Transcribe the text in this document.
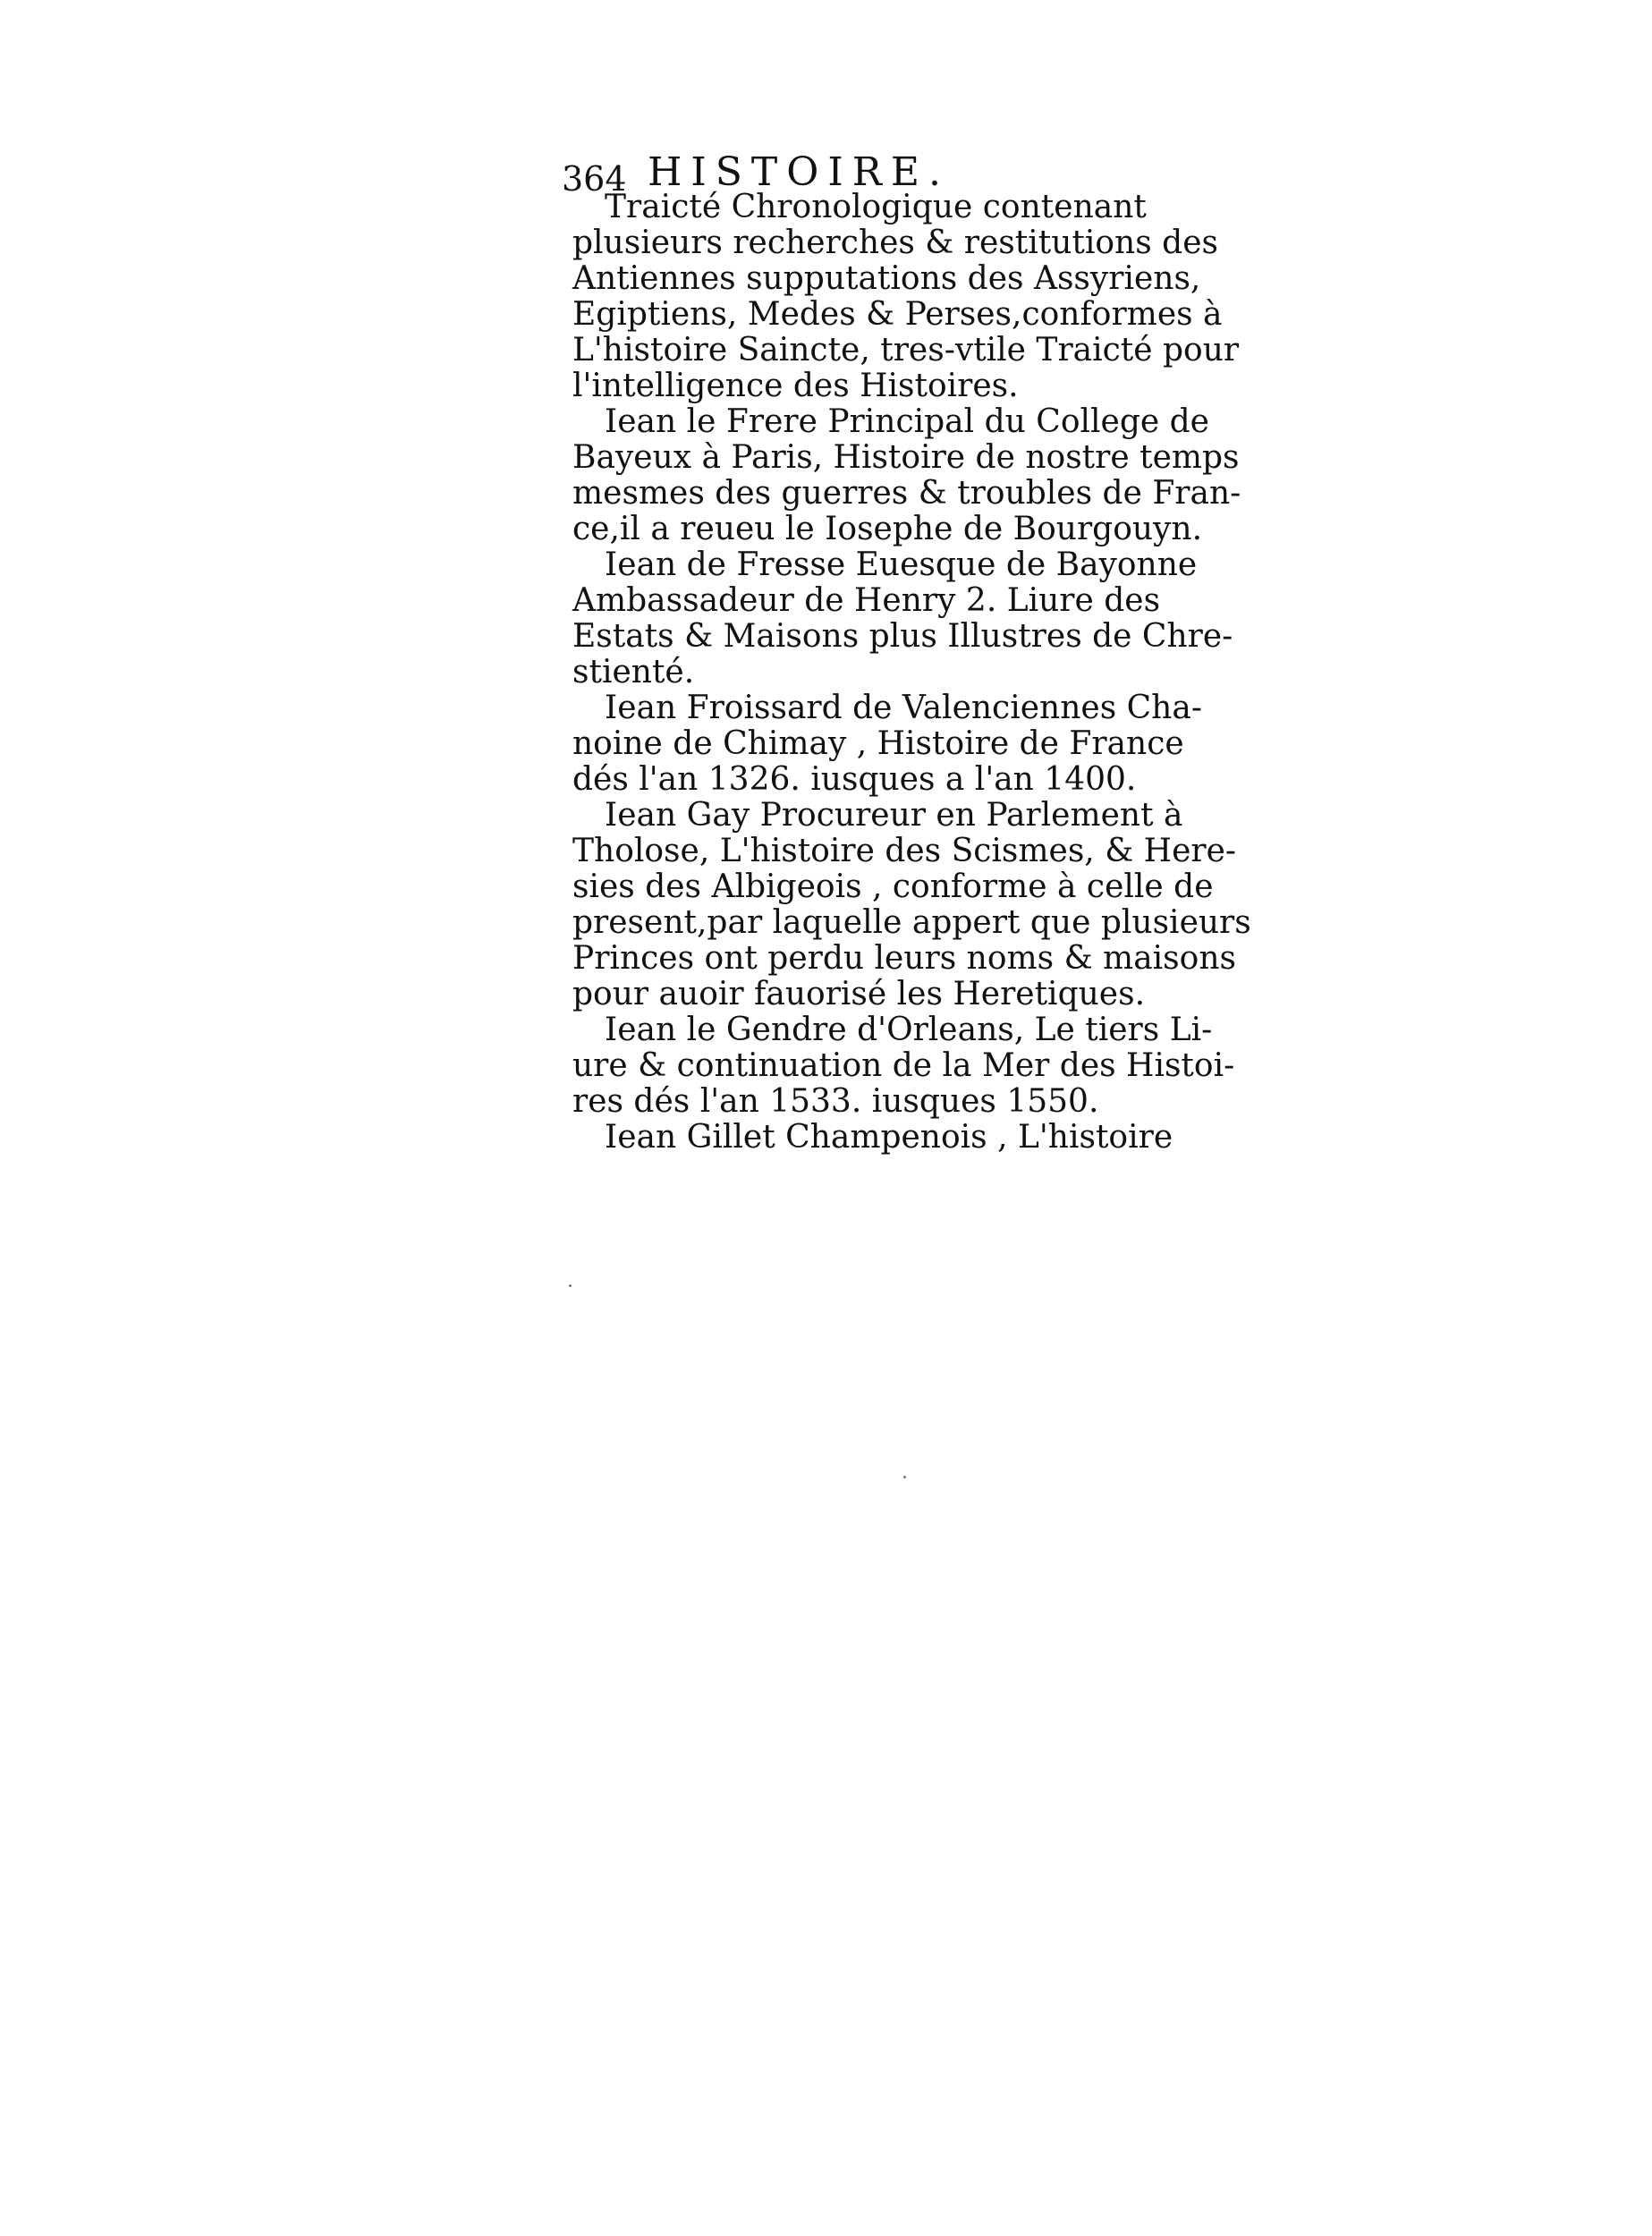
364 HISTOIRE.

Traicté Chronologique contenant
plusieurs recherches & restitutions des
Antiennes supputations des Assyriens,
Egiptiens, Medes & Perses,conformes à
L'histoire Saincte, tres-vtile Traicté pour
l'intelligence des Histoires.

Iean le Frere Principal du College de
Bayeux à Paris, Histoire de nostre temps
mesmes des guerres & troubles de Fran-
ce,il a reueu le Iosephe de Bourgouyn.

Iean de Fresse Euesque de Bayonne
Ambassadeur de Henry 2. Liure des
Estats & Maisons plus Illustres de Chre-
stienté.

Iean Froissard de Valenciennes Cha-
noine de Chimay , Histoire de France
dés l'an 1326. iusques a l'an 1400.

Iean Gay Procureur en Parlement à
Tholose, L'histoire des Scismes, & Here-
sies des Albigeois , conforme à celle de
present,par laquelle appert que plusieurs
Princes ont perdu leurs noms & maisons
pour auoir fauorisé les Heretiques.

Iean le Gendre d'Orleans, Le tiers Li-
ure & continuation de la Mer des Histoi-
res dés l'an 1533. iusques 1550.

Iean Gillet Champenois , L'histoire
